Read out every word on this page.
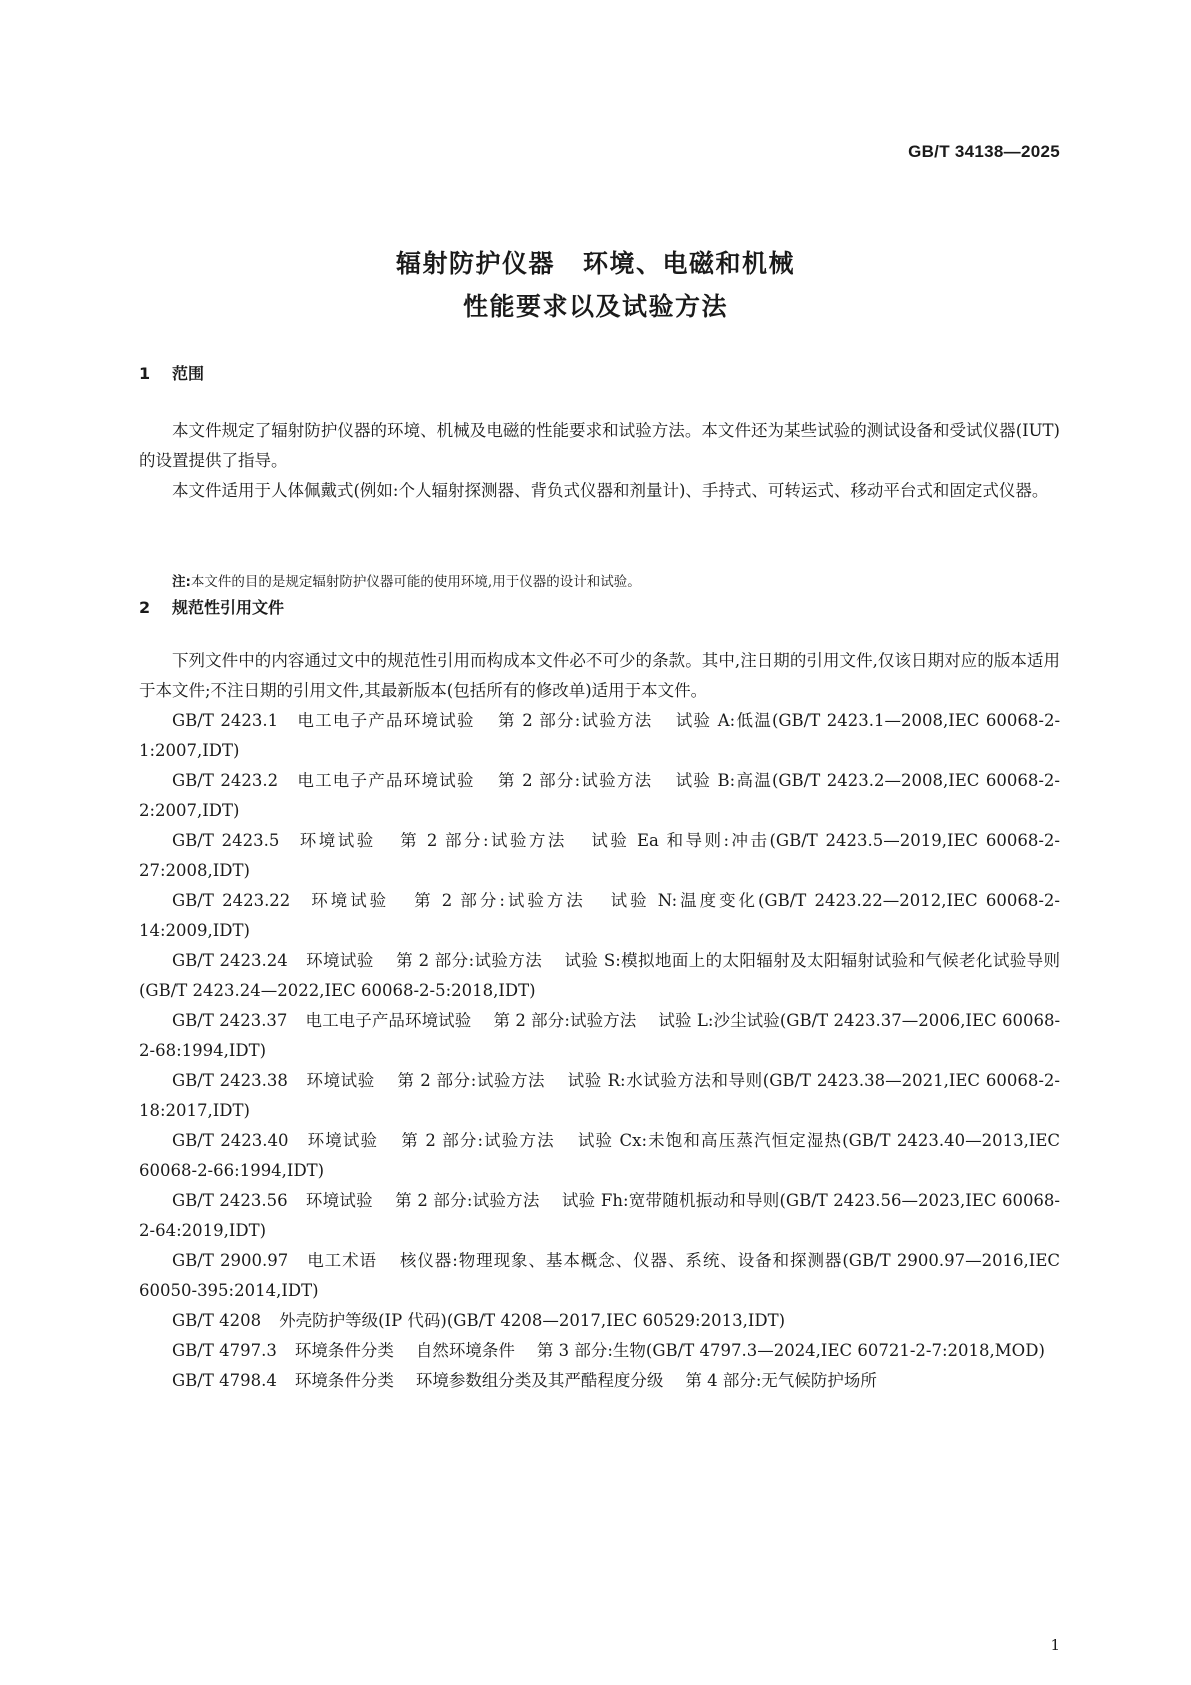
GB/T 34138—2025
辐射防护仪器 环境、电磁和机械
性能要求以及试验方法
1 范围

本文件规定了辐射防护仪器的环境、机械及电磁的性能要求和试验方法。本文件还为某些试验的测试设备和受试仪器(IUT)的设置提供了指导。

本文件适用于人体佩戴式(例如:个人辐射探测器、背负式仪器和剂量计)、手持式、可转运式、移动平台式和固定式仪器。

注:本文件的目的是规定辐射防护仪器可能的使用环境,用于仪器的设计和试验。
2 规范性引用文件

下列文件中的内容通过文中的规范性引用而构成本文件必不可少的条款。其中,注日期的引用文件,仅该日期对应的版本适用于本文件;不注日期的引用文件,其最新版本(包括所有的修改单)适用于本文件。

GB/T 2423.1 电工电子产品环境试验 第 2 部分:试验方法 试验 A:低温(GB/T 2423.1—2008,IEC 60068-2-1:2007,IDT)

GB/T 2423.2 电工电子产品环境试验 第 2 部分:试验方法 试验 B:高温(GB/T 2423.2—2008,IEC 60068-2-2:2007,IDT)

GB/T 2423.5 环境试验 第 2 部分:试验方法 试验 Ea 和导则:冲击(GB/T 2423.5—2019,IEC 60068-2-27:2008,IDT)

GB/T 2423.22 环境试验 第 2 部分:试验方法 试验 N:温度变化(GB/T 2423.22—2012,IEC 60068-2-14:2009,IDT)

GB/T 2423.24 环境试验 第 2 部分:试验方法 试验 S:模拟地面上的太阳辐射及太阳辐射试验和气候老化试验导则(GB/T 2423.24—2022,IEC 60068-2-5:2018,IDT)

GB/T 2423.37 电工电子产品环境试验 第 2 部分:试验方法 试验 L:沙尘试验(GB/T 2423.37—2006,IEC 60068-2-68:1994,IDT)

GB/T 2423.38 环境试验 第 2 部分:试验方法 试验 R:水试验方法和导则(GB/T 2423.38—2021,IEC 60068-2-18:2017,IDT)

GB/T 2423.40 环境试验 第 2 部分:试验方法 试验 Cx:未饱和高压蒸汽恒定湿热(GB/T 2423.40—2013,IEC 60068-2-66:1994,IDT)

GB/T 2423.56 环境试验 第 2 部分:试验方法 试验 Fh:宽带随机振动和导则(GB/T 2423.56—2023,IEC 60068-2-64:2019,IDT)

GB/T 2900.97 电工术语 核仪器:物理现象、基本概念、仪器、系统、设备和探测器(GB/T 2900.97—2016,IEC 60050-395:2014,IDT)

GB/T 4208 外壳防护等级(IP 代码)(GB/T 4208—2017,IEC 60529:2013,IDT)

GB/T 4797.3 环境条件分类 自然环境条件 第 3 部分:生物(GB/T 4797.3—2024,IEC 60721-2-7:2018,MOD)

GB/T 4798.4 环境条件分类 环境参数组分类及其严酷程度分级 第 4 部分:无气候防护场所

1
